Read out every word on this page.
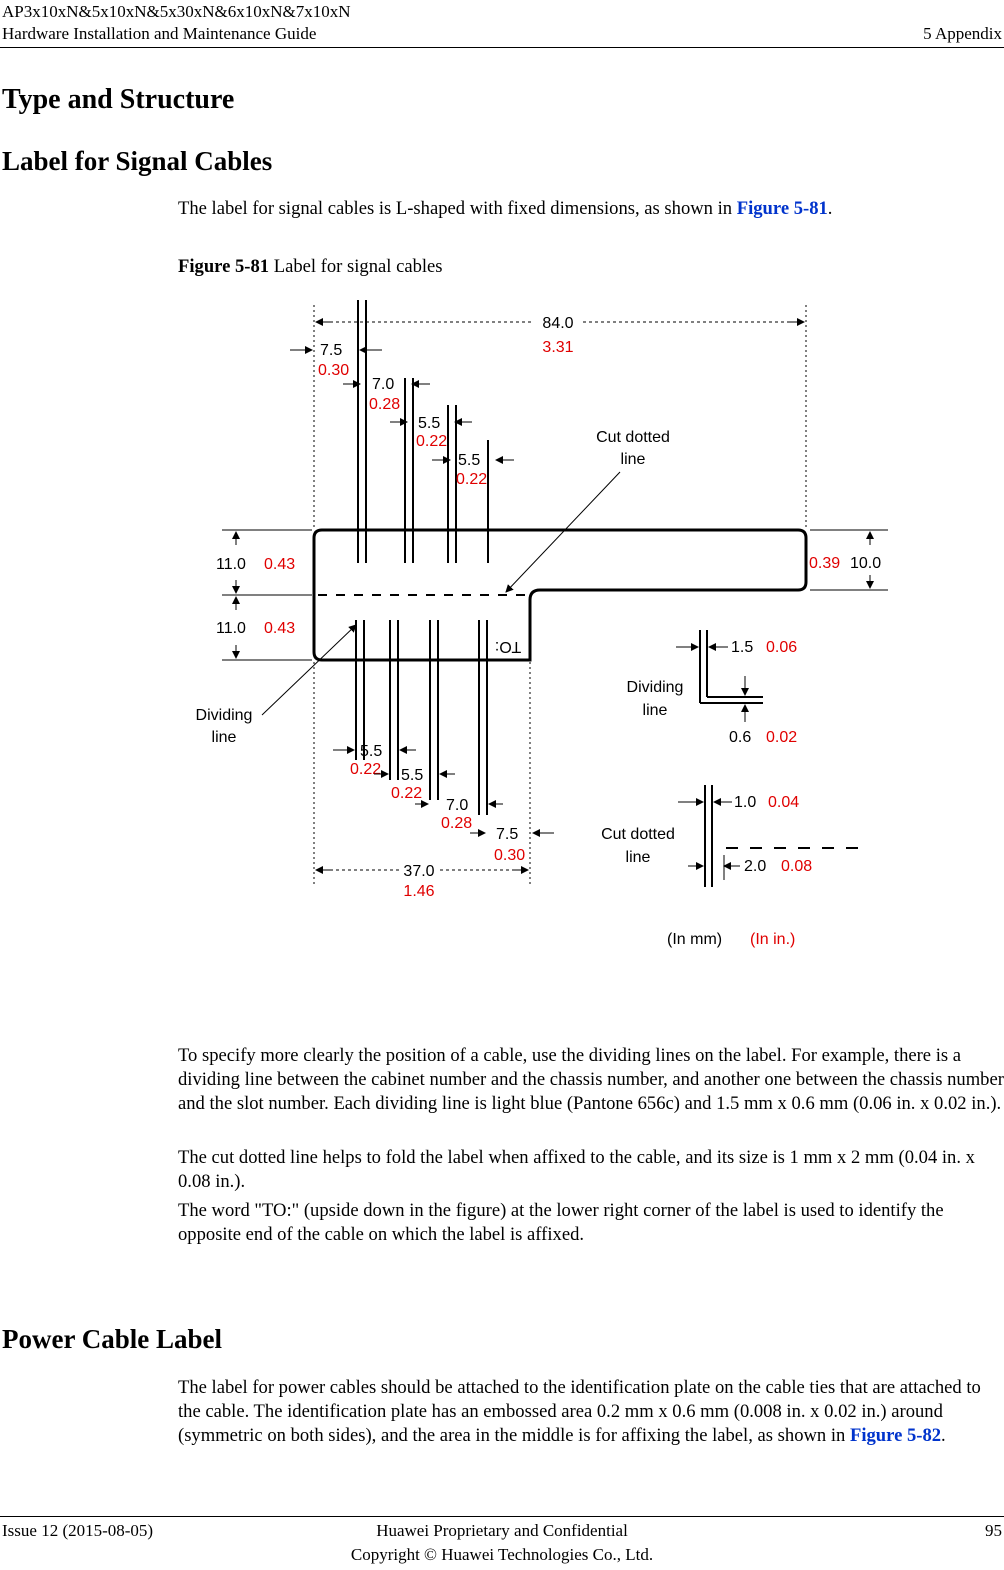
AP3x10xN&5x10xN&5x30xN&6x10xN&7x10xN
Hardware Installation and Maintenance Guide	5 Appendix
Type and Structure
Label for Signal Cables

The label for signal cables is L-shaped with fixed dimensions, as shown in Figure 5-81.

Figure 5-81 Label for signal cables
TO:
84.0
3.31
7.5
0.30
7.0
0.28
5.5
0.22
5.5
0.22
Cut dotted
line
11.0 0.43
11.0 0.43
0.39 10.0
Dividing
line
5.5
0.22 5.5
0.22
7.0
0.28
7.5
0.30
37.0
1.46
1.5 0.06
Dividing
line
0.6 0.02
1.0 0.04
Cut dotted
line
2.0 0.08
(In mm) (In in.)

To specify more clearly the position of a cable, use the dividing lines on the label. For example, there is a dividing line between the cabinet number and the chassis number, and another one between the chassis number and the slot number. Each dividing line is light blue (Pantone 656c) and 1.5 mm x 0.6 mm (0.06 in. x 0.02 in.).

The cut dotted line helps to fold the label when affixed to the cable, and its size is 1 mm x 2 mm (0.04 in. x 0.08 in.).

The word "TO:" (upside down in the figure) at the lower right corner of the label is used to identify the opposite end of the cable on which the label is affixed.

Power Cable Label

The label for power cables should be attached to the identification plate on the cable ties that are attached to the cable. The identification plate has an embossed area 0.2 mm x 0.6 mm (0.008 in. x 0.02 in.) around (symmetric on both sides), and the area in the middle is for affixing the label, as shown in Figure 5-82.

Issue 12 (2015-08-05)	Huawei Proprietary and Confidential
Copyright © Huawei Technologies Co., Ltd.
95
